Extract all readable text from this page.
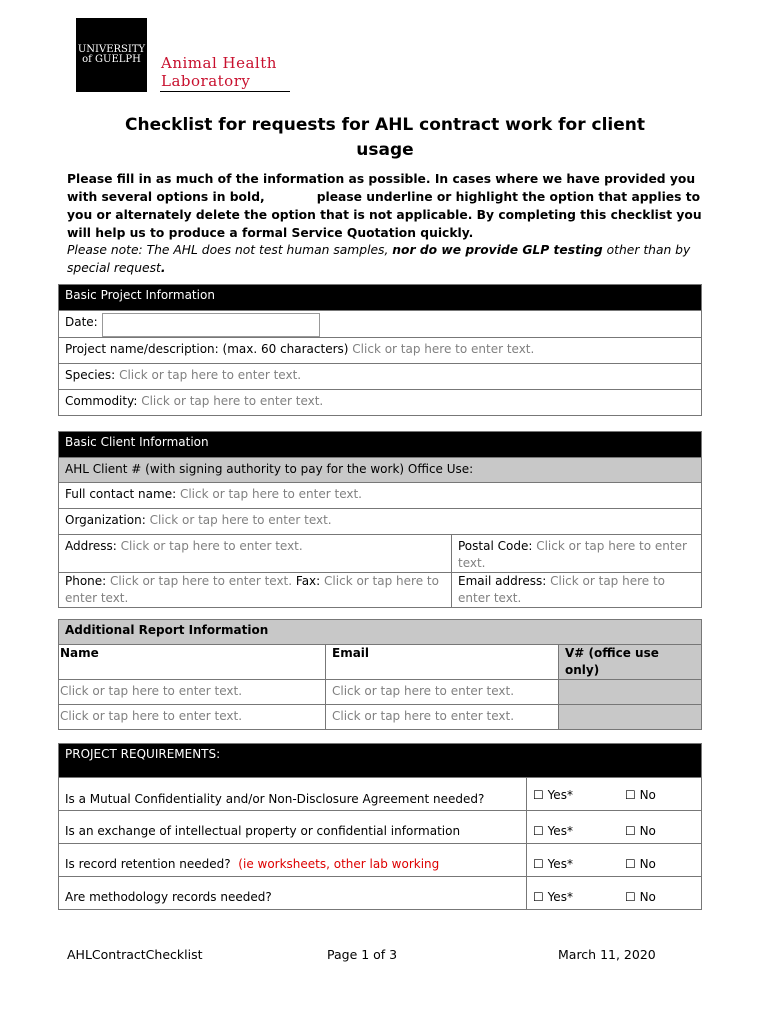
UNIVERSITY
of GUELPH Animal Health
Laboratory
Checklist for requests for AHL contract work for client usage

Please fill in as much of the information as possible. In cases where we have provided you with several options in bold,	please underline or highlight the option that applies to you or alternately delete the option that is not applicable. By completing this checklist you will help us to produce a formal Service Quotation quickly.

Please note: The AHL does not test human samples, nor do we provide GLP testing other than by special request.
Basic Project Information
Date:
Project name/description: (max. 60 characters) Click or tap here to enter text.
Species: Click or tap here to enter text.
Commodity: Click or tap here to enter text.
Basic Client Information	
AHL Client # (with signing authority to pay for the work) Office Use:	
Full contact name: Click or tap here to enter text.	
Organization: Click or tap here to enter text.	
Address: Click or tap here to enter text.	Postal Code: Click or tap here to enter text.
Phone: Click or tap here to enter text. Fax: Click or tap here to enter text.	Email address: Click or tap here to enter text.
Additional Report Information		
Name	Email	V# (office use only)
Click or tap here to enter text.	Click or tap here to enter text.	
Click or tap here to enter text.	Click or tap here to enter text.	
PROJECT REQUIREMENTS:		
Is a Mutual Confidentiality and/or Non-Disclosure Agreement needed?	☐ Yes*	☐ No
Is an exchange of intellectual property or confidential information	☐ Yes*	☐ No
Is record retention needed? (ie worksheets, other lab working	☐ Yes*	☐ No
Are methodology records needed?	☐ Yes*	☐ No
AHLContractChecklist	Page 1 of 3	March 11, 2020
